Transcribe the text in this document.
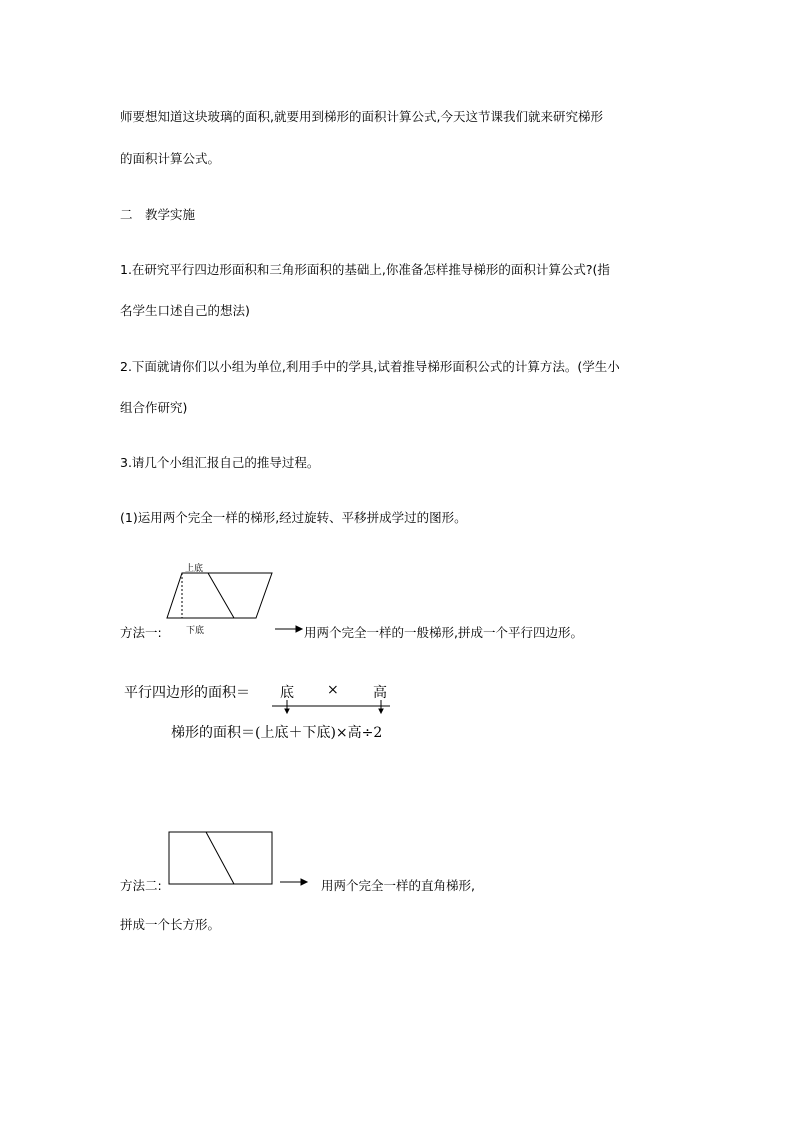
师要想知道这块玻璃的面积,就要用到梯形的面积计算公式,今天这节课我们就来研究梯形
的面积计算公式。
二　教学实施
1.在研究平行四边形面积和三角形面积的基础上,你准备怎样推导梯形的面积计算公式?(指
名学生口述自己的想法)
2.下面就请你们以小组为单位,利用手中的学具,试着推导梯形面积公式的计算方法。(学生小
组合作研究)
3.请几个小组汇报自己的推导过程。
(1)运用两个完全一样的梯形,经过旋转、平移拼成学过的图形。
上底
下底
方法一:	用两个完全一样的一般梯形,拼成一个平行四边形。
平行四边形的面积＝ 底 × 高
梯形的面积＝(上底＋下底)×高÷2
方法二:	用两个完全一样的直角梯形,
拼成一个长方形。
